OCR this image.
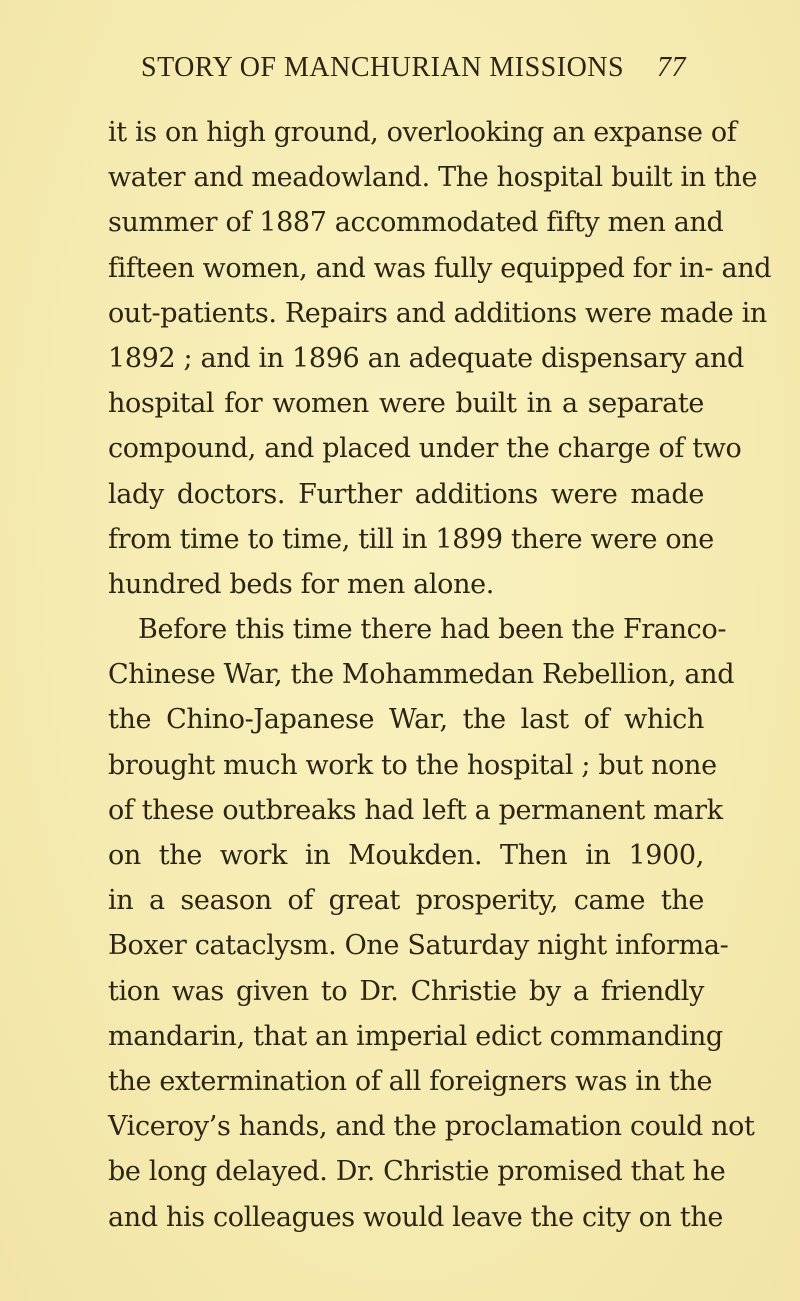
STORY OF MANCHURIAN MISSIONS 77
it is on high ground, overlooking an expanse of
water and meadowland. The hospital built in the
summer of 1887 accommodated fifty men and
fifteen women, and was fully equipped for in- and
out-patients. Repairs and additions were made in
1892 ; and in 1896 an adequate dispensary and
hospital for women were built in a separate
compound, and placed under the charge of two
lady doctors. Further additions were made
from time to time, till in 1899 there were one
hundred beds for men alone.
Before this time there had been the Franco-
Chinese War, the Mohammedan Rebellion, and
the Chino-Japanese War, the last of which
brought much work to the hospital ; but none
of these outbreaks had left a permanent mark
on the work in Moukden. Then in 1900,
in a season of great prosperity, came the
Boxer cataclysm. One Saturday night informa-
tion was given to Dr. Christie by a friendly
mandarin, that an imperial edict commanding
the extermination of all foreigners was in the
Viceroy’s hands, and the proclamation could not
be long delayed. Dr. Christie promised that he
and his colleagues would leave the city on the
